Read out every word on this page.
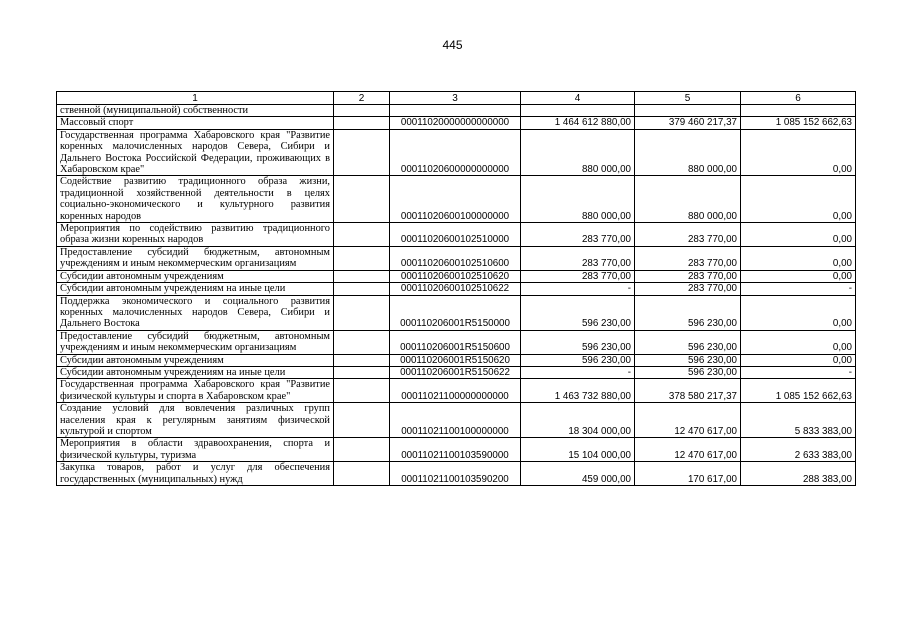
445
1	2	3	4	5	6
ственной (муниципальной) собственности					
Массовый спорт		00011020000000000000	1 464 612 880,00	379 460 217,37	1 085 152 662,63
Государственная программа Хабаровского края "Развитие коренных малочисленных народов Севера, Сибири и Дальнего Востока Российской Федерации, проживающих в Хабаровском крае"		00011020600000000000	880 000,00	880 000,00	0,00
Содействие развитию традиционного образа жизни, традиционной хозяйственной деятельности в целях социально-экономического и культурного развития коренных народов		00011020600100000000	880 000,00	880 000,00	0,00
Мероприятия по содействию развитию традиционного образа жизни коренных народов		00011020600102510000	283 770,00	283 770,00	0,00
Предоставление субсидий бюджетным, автономным учреждениям и иным некоммерческим организациям		00011020600102510600	283 770,00	283 770,00	0,00
Субсидии автономным учреждениям		00011020600102510620	283 770,00	283 770,00	0,00
Субсидии автономным учреждениям на иные цели		00011020600102510622	-	283 770,00	-
Поддержка экономического и социального развития коренных малочисленных народов Севера, Сибири и Дальнего Востока		000110206001R5150000	596 230,00	596 230,00	0,00
Предоставление субсидий бюджетным, автономным учреждениям и иным некоммерческим организациям		000110206001R5150600	596 230,00	596 230,00	0,00
Субсидии автономным учреждениям		000110206001R5150620	596 230,00	596 230,00	0,00
Субсидии автономным учреждениям на иные цели		000110206001R5150622	-	596 230,00	-
Государственная программа Хабаровского края "Развитие физической культуры и спорта в Хабаровском крае"		00011021100000000000	1 463 732 880,00	378 580 217,37	1 085 152 662,63
Создание условий для вовлечения различных групп населения края к регулярным занятиям физической культурой и спортом		00011021100100000000	18 304 000,00	12 470 617,00	5 833 383,00
Мероприятия в области здравоохранения, спорта и физической культуры, туризма		00011021100103590000	15 104 000,00	12 470 617,00	2 633 383,00
Закупка товаров, работ и услуг для обеспечения государственных (муниципальных) нужд		00011021100103590200	459 000,00	170 617,00	288 383,00
